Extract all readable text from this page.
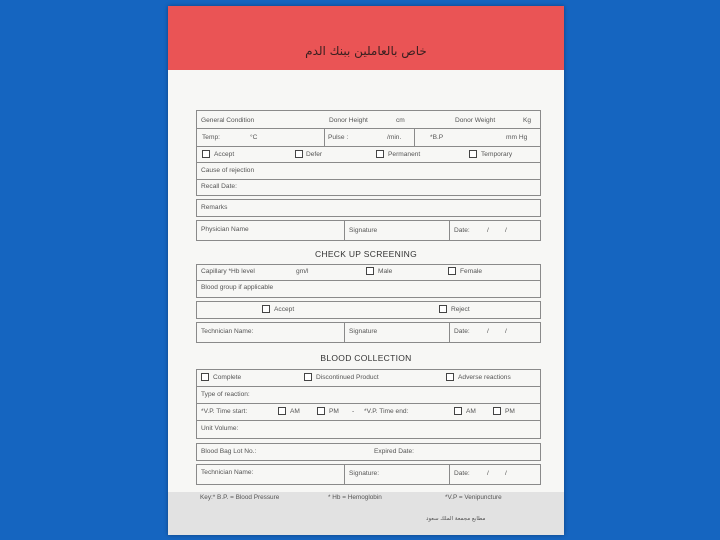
خاص بالعاملين ببنك الدم
General Condition	Donor Height	cm	Donor Weight	Kg
Temp:	°C	Pulse :	/min.	*B.P	mm Hg
Accept	Defer	Permanent	Temporary
Cause of rejection
Recall Date:
Remarks
Physician Name	Signature	Date:	/ /
CHECK UP SCREENING
Capillary *Hb level	gm/l	Male	Female
Blood group if applicable
Accept	Reject
Technician Name:	Signature	Date:	/ /
BLOOD COLLECTION
Complete	Discontinued Product	Adverse reactions
Type of reaction:
*V.P. Time start:	AM	PM - *V.P. Time end:	AM	PM
Unit Volume:
Blood Bag Lot No.:	Expired Date:
Technician Name:	Signature:	Date:	/ /
Key:* B.P. = Blood Pressure	* Hb = Hemoglobin	*V.P = Venipuncture
مطابع مجمعة الملك سعود
